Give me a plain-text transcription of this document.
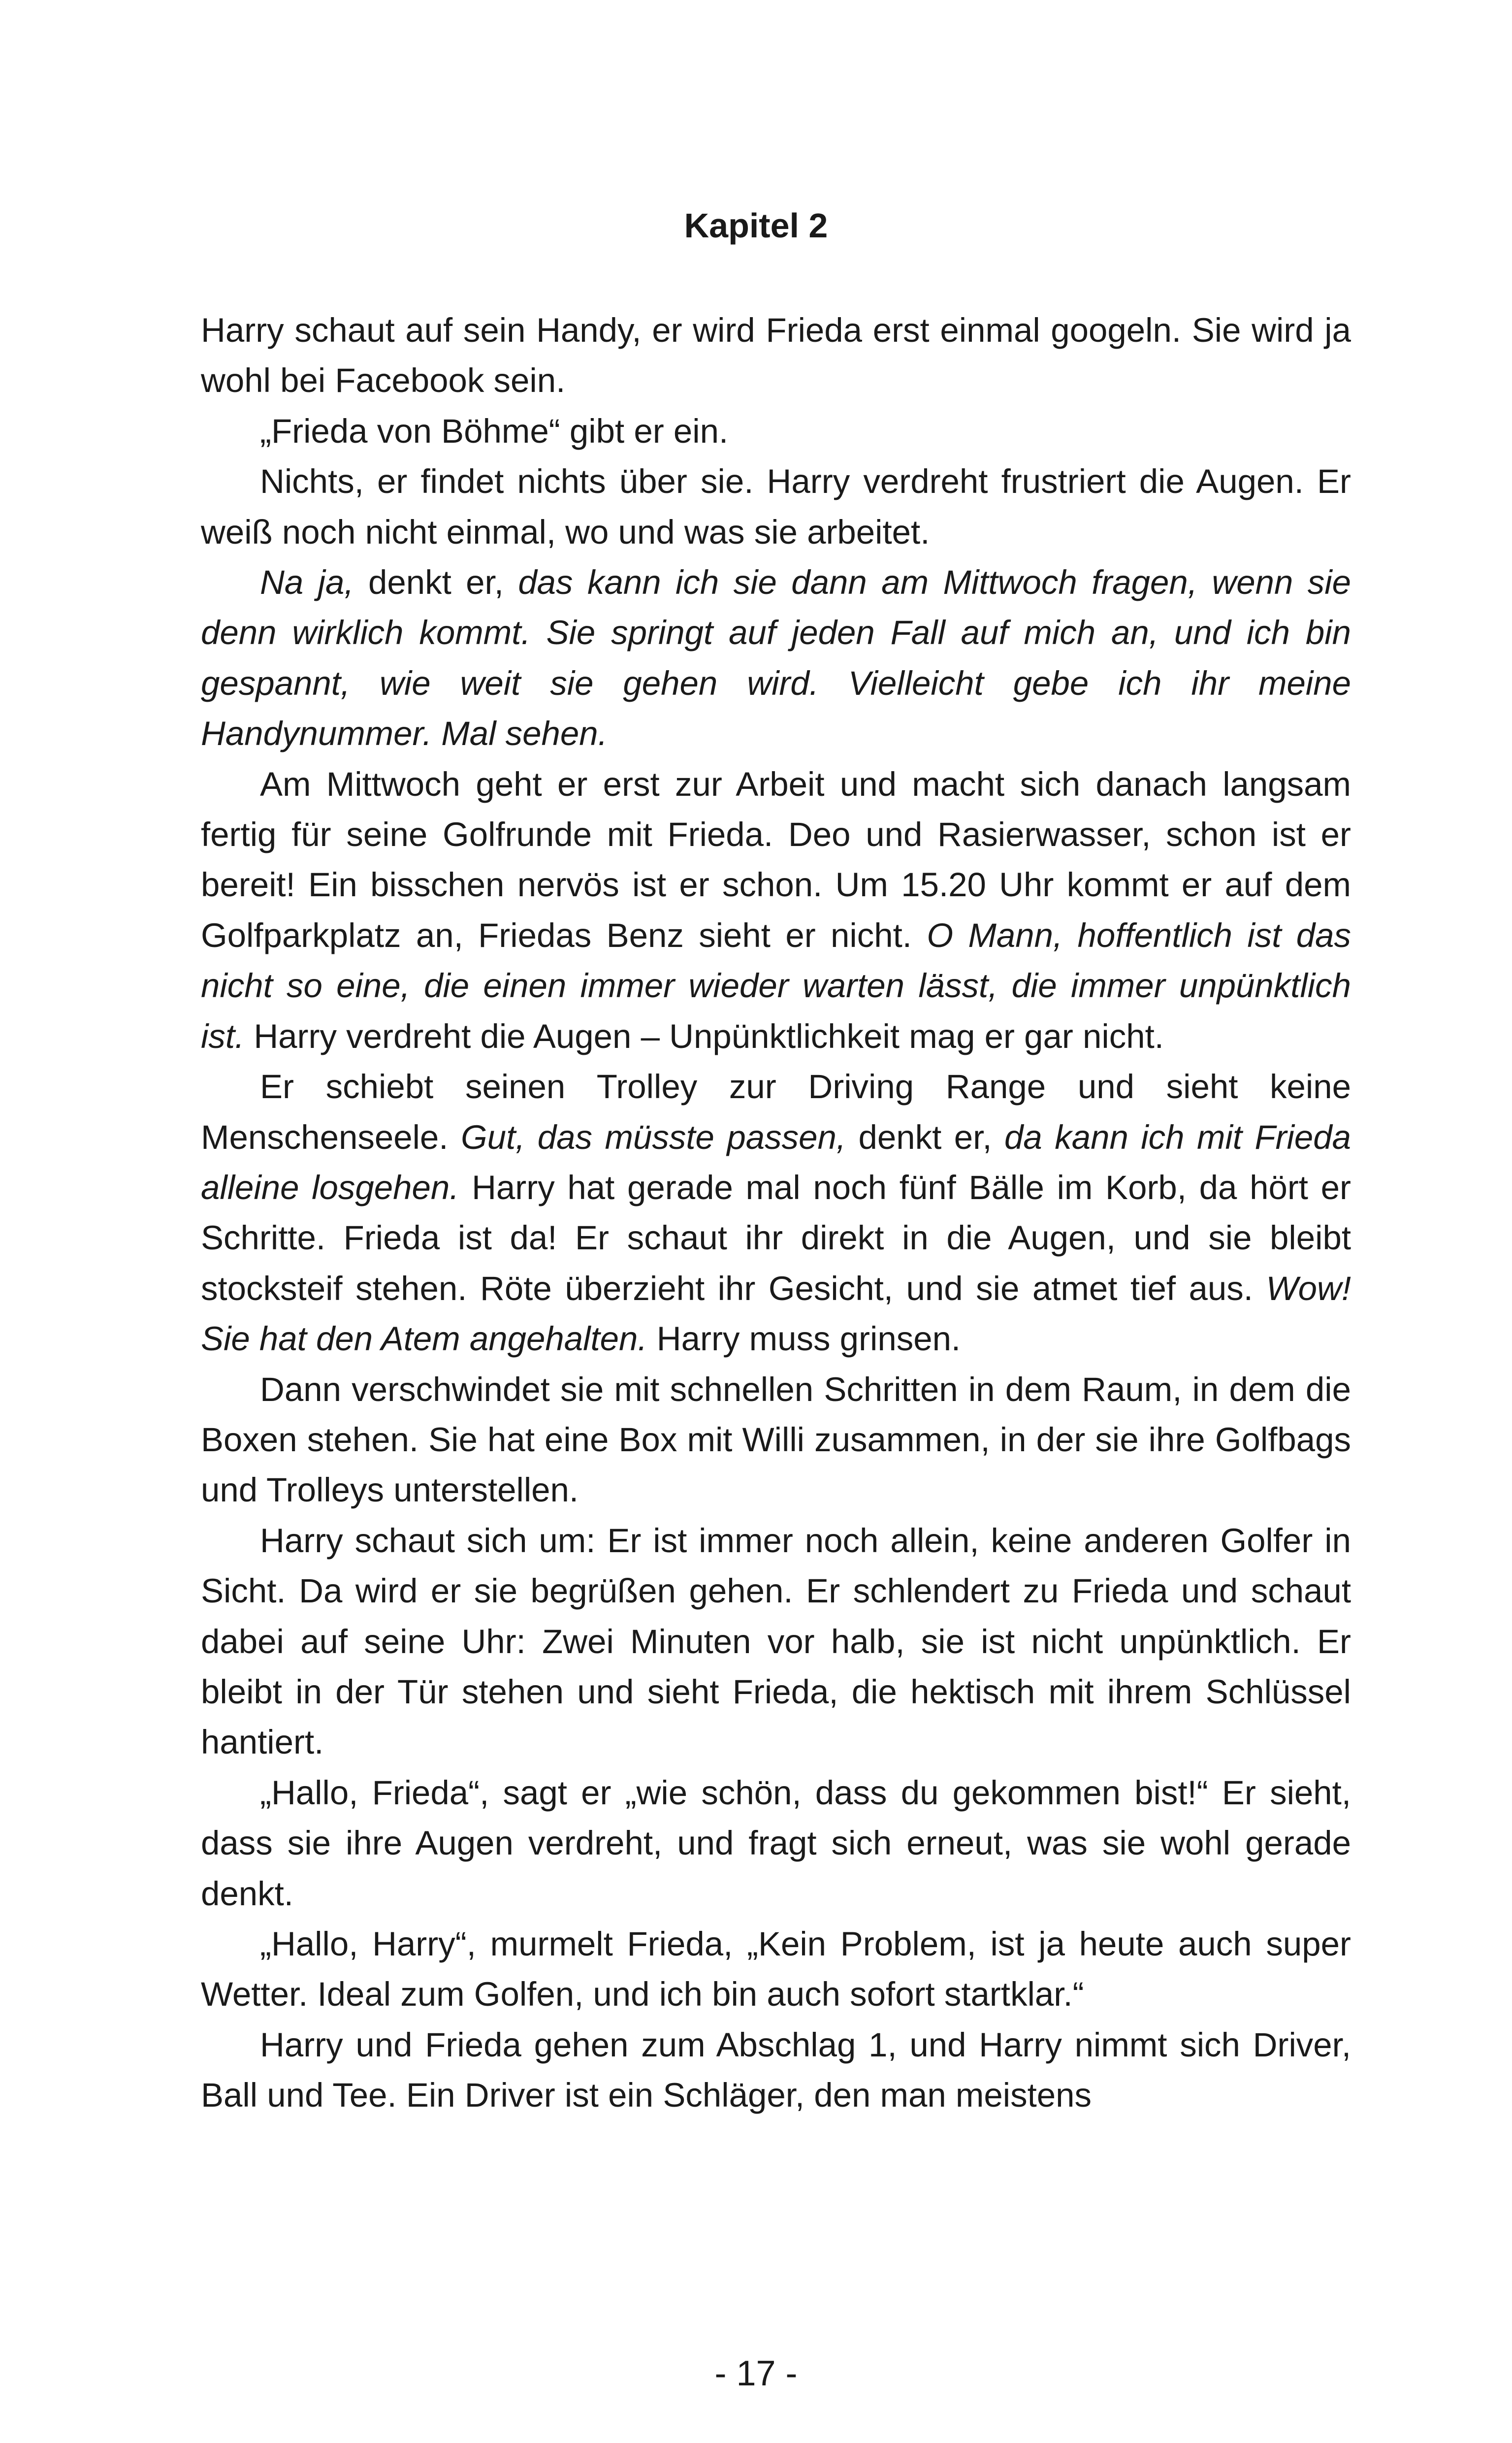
Kapitel 2

Harry schaut auf sein Handy, er wird Frieda erst einmal googeln. Sie wird ja wohl bei Facebook sein.

„Frieda von Böhme“ gibt er ein.

Nichts, er findet nichts über sie. Harry verdreht frustriert die Augen. Er weiß noch nicht einmal, wo und was sie arbeitet.

Na ja, denkt er, das kann ich sie dann am Mittwoch fragen, wenn sie denn wirklich kommt. Sie springt auf jeden Fall auf mich an, und ich bin gespannt, wie weit sie gehen wird. Vielleicht gebe ich ihr meine Handynummer. Mal sehen.

Am Mittwoch geht er erst zur Arbeit und macht sich danach langsam fertig für seine Golfrunde mit Frieda. Deo und Rasierwasser, schon ist er bereit! Ein bisschen nervös ist er schon. Um 15.20 Uhr kommt er auf dem Golfparkplatz an, Friedas Benz sieht er nicht. O Mann, hoffentlich ist das nicht so eine, die einen immer wieder warten lässt, die immer unpünktlich ist. Harry verdreht die Augen – Unpünktlichkeit mag er gar nicht.

Er schiebt seinen Trolley zur Driving Range und sieht keine Menschenseele. Gut, das müsste passen, denkt er, da kann ich mit Frieda alleine losgehen. Harry hat gerade mal noch fünf Bälle im Korb, da hört er Schritte. Frieda ist da! Er schaut ihr direkt in die Augen, und sie bleibt stocksteif stehen. Röte überzieht ihr Gesicht, und sie atmet tief aus. Wow! Sie hat den Atem angehalten. Harry muss grinsen.

Dann verschwindet sie mit schnellen Schritten in dem Raum, in dem die Boxen stehen. Sie hat eine Box mit Willi zusammen, in der sie ihre Golfbags und Trolleys unterstellen.

Harry schaut sich um: Er ist immer noch allein, keine anderen Golfer in Sicht. Da wird er sie begrüßen gehen. Er schlendert zu Frieda und schaut dabei auf seine Uhr: Zwei Minuten vor halb, sie ist nicht unpünktlich. Er bleibt in der Tür stehen und sieht Frieda, die hektisch mit ihrem Schlüssel hantiert.

„Hallo, Frieda“, sagt er „wie schön, dass du gekommen bist!“ Er sieht, dass sie ihre Augen verdreht, und fragt sich erneut, was sie wohl gerade denkt.

„Hallo, Harry“, murmelt Frieda, „Kein Problem, ist ja heute auch super Wetter. Ideal zum Golfen, und ich bin auch sofort startklar.“

Harry und Frieda gehen zum Abschlag 1, und Harry nimmt sich Driver, Ball und Tee. Ein Driver ist ein Schläger, den man meistens

- 17 -
